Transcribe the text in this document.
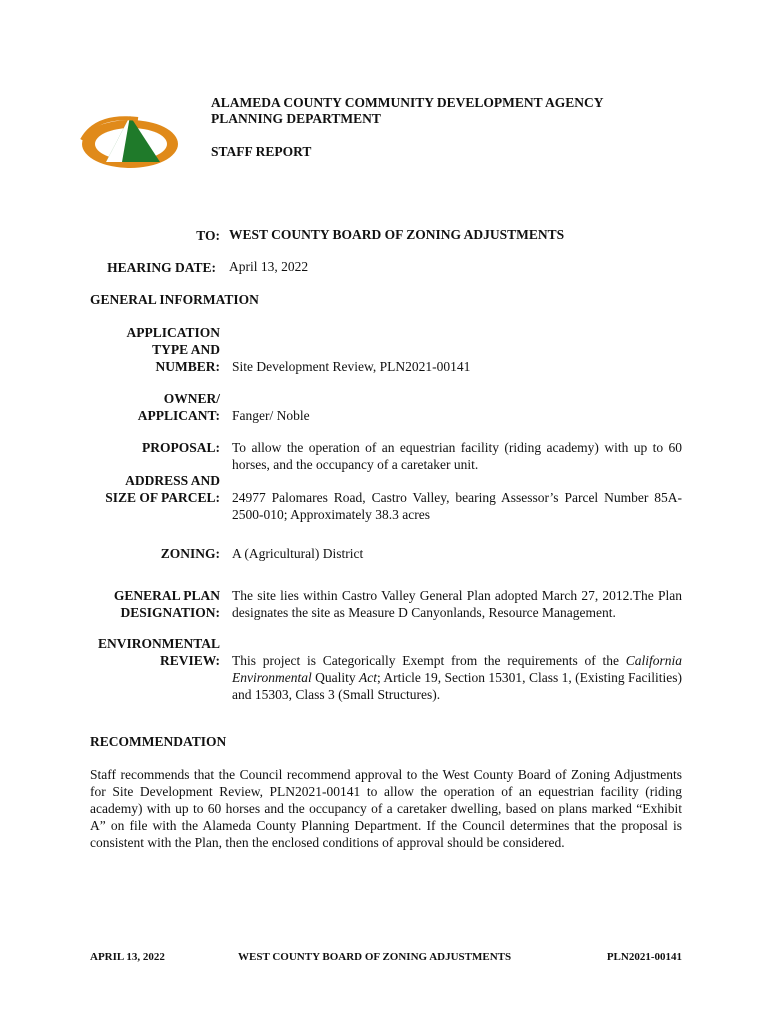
ALAMEDA COUNTY COMMUNITY DEVELOPMENT AGENCY
PLANNING DEPARTMENT
STAFF REPORT
TO: WEST COUNTY BOARD OF ZONING ADJUSTMENTS
HEARING DATE: April 13, 2022
GENERAL INFORMATION
APPLICATION
TYPE AND
NUMBER: Site Development Review, PLN2021-00141
OWNER/
APPLICANT: Fanger/ Noble
PROPOSAL: To allow the operation of an equestrian facility (riding academy) with up to 60 horses, and the occupancy of a caretaker unit.
ADDRESS AND
SIZE OF PARCEL: 24977 Palomares Road, Castro Valley, bearing Assessor’s Parcel Number 85A-2500-010; Approximately 38.3 acres
ZONING: A (Agricultural) District
GENERAL PLAN
DESIGNATION:
The site lies within Castro Valley General Plan adopted March 27, 2012.The Plan designates the site as Measure D Canyonlands, Resource Management.
ENVIRONMENTAL
REVIEW: This project is Categorically Exempt from the requirements of the California Environmental Quality Act; Article 19, Section 15301, Class 1, (Existing Facilities) and 15303, Class 3 (Small Structures).
RECOMMENDATION
Staff recommends that the Council recommend approval to the West County Board of Zoning Adjustments for Site Development Review, PLN2021-00141 to allow the operation of an equestrian facility (riding academy) with up to 60 horses and the occupancy of a caretaker dwelling, based on plans marked “Exhibit A” on file with the Alameda County Planning Department. If the Council determines that the proposal is consistent with the Plan, then the enclosed conditions of approval should be considered.
APRIL 13, 2022	WEST COUNTY BOARD OF ZONING ADJUSTMENTS	PLN2021-00141
